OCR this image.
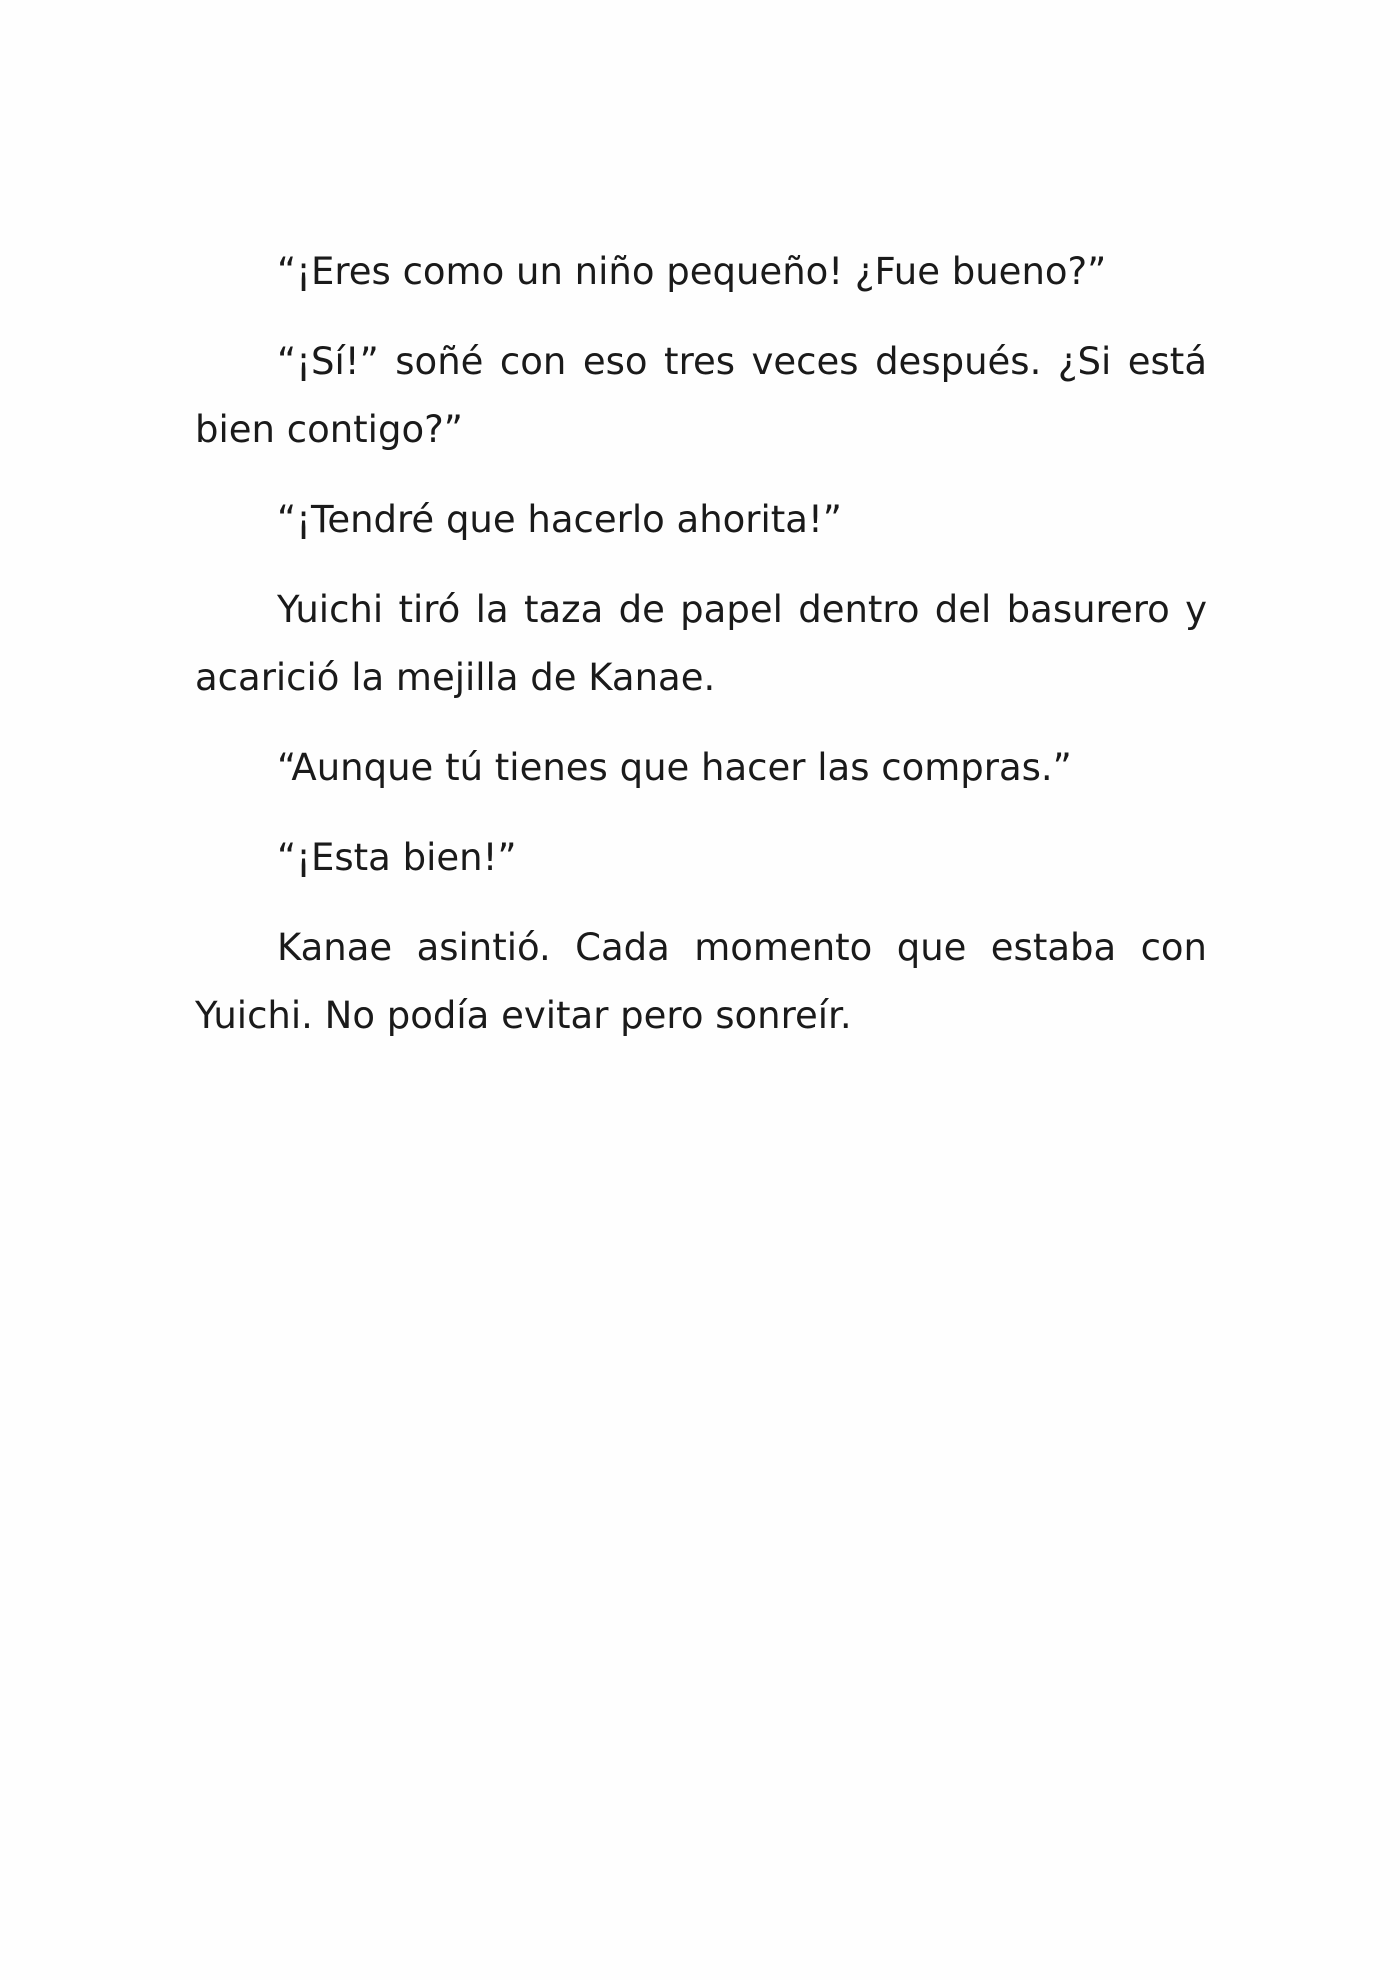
“¡Eres como un niño pequeño! ¿Fue bueno?”

“¡Sí!” soñé con eso tres veces después. ¿Si está bien contigo?”

“¡Tendré que hacerlo ahorita!”

Yuichi tiró la taza de papel dentro del basurero y acarició la mejilla de Kanae.

“Aunque tú tienes que hacer las compras.”

“¡Esta bien!”

Kanae asintió. Cada momento que estaba con Yuichi. No podía evitar pero sonreír.
